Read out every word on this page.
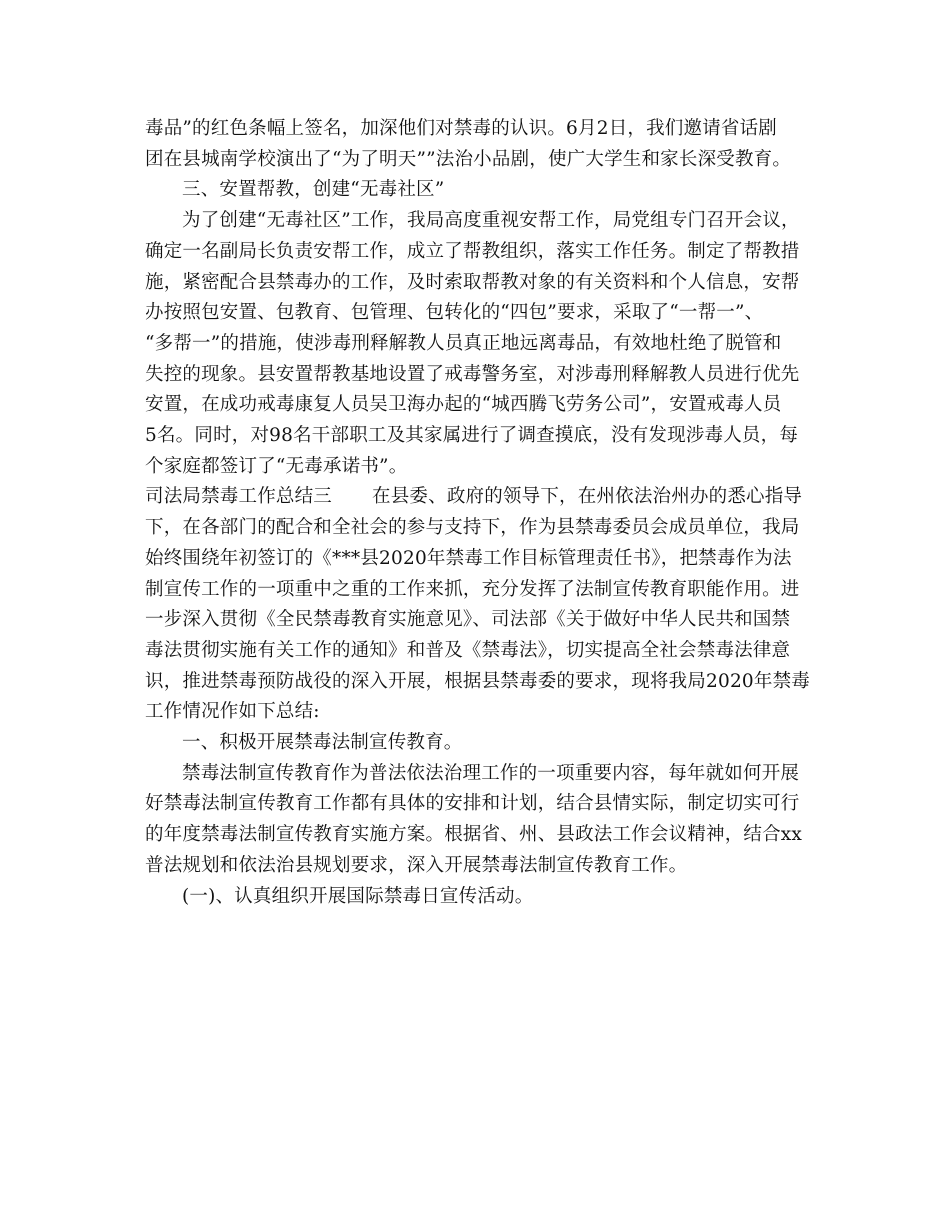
毒品”的红色条幅上签名，加深他们对禁毒的认识。6月2日，我们邀请省话剧
团在县城南学校演出了“为了明天””法治小品剧，使广大学生和家长深受教育。
三、安置帮教，创建“无毒社区”
为了创建“无毒社区”工作，我局高度重视安帮工作，局党组专门召开会议，
确定一名副局长负责安帮工作，成立了帮教组织，落实工作任务。制定了帮教措
施，紧密配合县禁毒办的工作，及时索取帮教对象的有关资料和个人信息，安帮
办按照包安置、包教育、包管理、包转化的“四包”要求，采取了“一帮一”、
“多帮一”的措施，使涉毒刑释解教人员真正地远离毒品，有效地杜绝了脱管和
失控的现象。县安置帮教基地设置了戒毒警务室，对涉毒刑释解教人员进行优先
安置，在成功戒毒康复人员吴卫海办起的“城西腾飞劳务公司”，安置戒毒人员
5名。同时，对98名干部职工及其家属进行了调查摸底，没有发现涉毒人员，每
个家庭都签订了“无毒承诺书”。
司法局禁毒工作总结三 在县委、政府的领导下，在州依法治州办的悉心指导
下，在各部门的配合和全社会的参与支持下，作为县禁毒委员会成员单位，我局
始终围绕年初签订的《***县2020年禁毒工作目标管理责任书》，把禁毒作为法
制宣传工作的一项重中之重的工作来抓，充分发挥了法制宣传教育职能作用。进
一步深入贯彻《全民禁毒教育实施意见》、司法部《关于做好中华人民共和国禁
毒法贯彻实施有关工作的通知》和普及《禁毒法》，切实提高全社会禁毒法律意
识，推进禁毒预防战役的深入开展，根据县禁毒委的要求，现将我局2020年禁毒
工作情况作如下总结:
一、积极开展禁毒法制宣传教育。
禁毒法制宣传教育作为普法依法治理工作的一项重要内容，每年就如何开展
好禁毒法制宣传教育工作都有具体的安排和计划，结合县情实际，制定切实可行
的年度禁毒法制宣传教育实施方案。根据省、州、县政法工作会议精神，结合xx
普法规划和依法治县规划要求，深入开展禁毒法制宣传教育工作。
(一)、认真组织开展国际禁毒日宣传活动。
